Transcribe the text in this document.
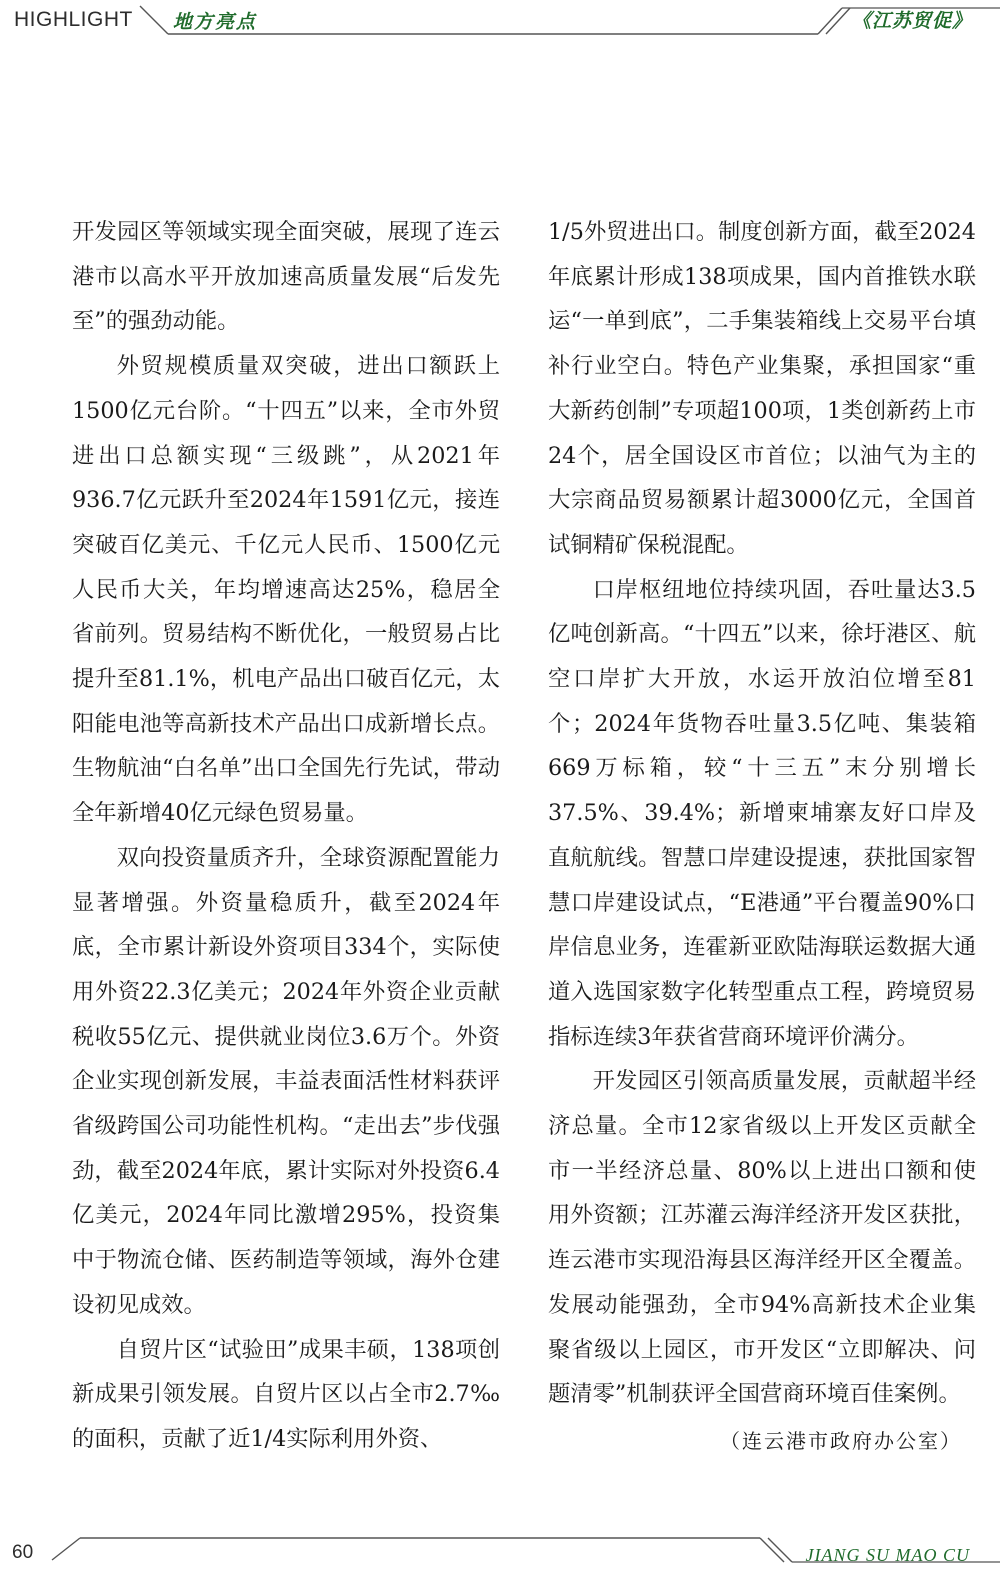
HIGHLIGHT 地方亮点	《江苏贸促》

开发园区等领域实现全面突破，展现了连云港市以高水平开放加速高质量发展“后发先至”的强劲动能。

外贸规模质量双突破，进出口额跃上1500亿元台阶。“十四五”以来，全市外贸进出口总额实现“三级跳”，从2021年936.7亿元跃升至2024年1591亿元，接连突破百亿美元、千亿元人民币、1500亿元人民币大关，年均增速高达25%，稳居全省前列。贸易结构不断优化，一般贸易占比提升至81.1%，机电产品出口破百亿元，太阳能电池等高新技术产品出口成新增长点。生物航油“白名单”出口全国先行先试，带动全年新增40亿元绿色贸易量。

双向投资量质齐升，全球资源配置能力显著增强。外资量稳质升，截至2024年底，全市累计新设外资项目334个，实际使用外资22.3亿美元；2024年外资企业贡献税收55亿元、提供就业岗位3.6万个。外资企业实现创新发展，丰益表面活性材料获评省级跨国公司功能性机构。“走出去”步伐强劲，截至2024年底，累计实际对外投资6.4亿美元，2024年同比激增295%，投资集中于物流仓储、医药制造等领域，海外仓建设初见成效。

自贸片区“试验田”成果丰硕，138项创新成果引领发展。自贸片区以占全市2.7‰的面积，贡献了近1/4实际利用外资、

1/5外贸进出口。制度创新方面，截至2024年底累计形成138项成果，国内首推铁水联运“一单到底”，二手集装箱线上交易平台填补行业空白。特色产业集聚，承担国家“重大新药创制”专项超100项，1类创新药上市24个，居全国设区市首位；以油气为主的大宗商品贸易额累计超3000亿元，全国首试铜精矿保税混配。

口岸枢纽地位持续巩固，吞吐量达3.5亿吨创新高。“十四五”以来，徐圩港区、航空口岸扩大开放，水运开放泊位增至81个；2024年货物吞吐量3.5亿吨、集装箱669万标箱，较“十三五”末分别增长37.5%、39.4%；新增柬埔寨友好口岸及直航航线。智慧口岸建设提速，获批国家智慧口岸建设试点，“E港通”平台覆盖90%口岸信息业务，连霍新亚欧陆海联运数据大通道入选国家数字化转型重点工程，跨境贸易指标连续3年获省营商环境评价满分。

开发园区引领高质量发展，贡献超半经济总量。全市12家省级以上开发区贡献全市一半经济总量、80%以上进出口额和使用外资额；江苏灌云海洋经济开发区获批，连云港市实现沿海县区海洋经开区全覆盖。发展动能强劲，全市94%高新技术企业集聚省级以上园区，市开发区“立即解决、问题清零”机制获评全国营商环境百佳案例。

（连云港市政府办公室）
60	JIANG SU MAO CU
